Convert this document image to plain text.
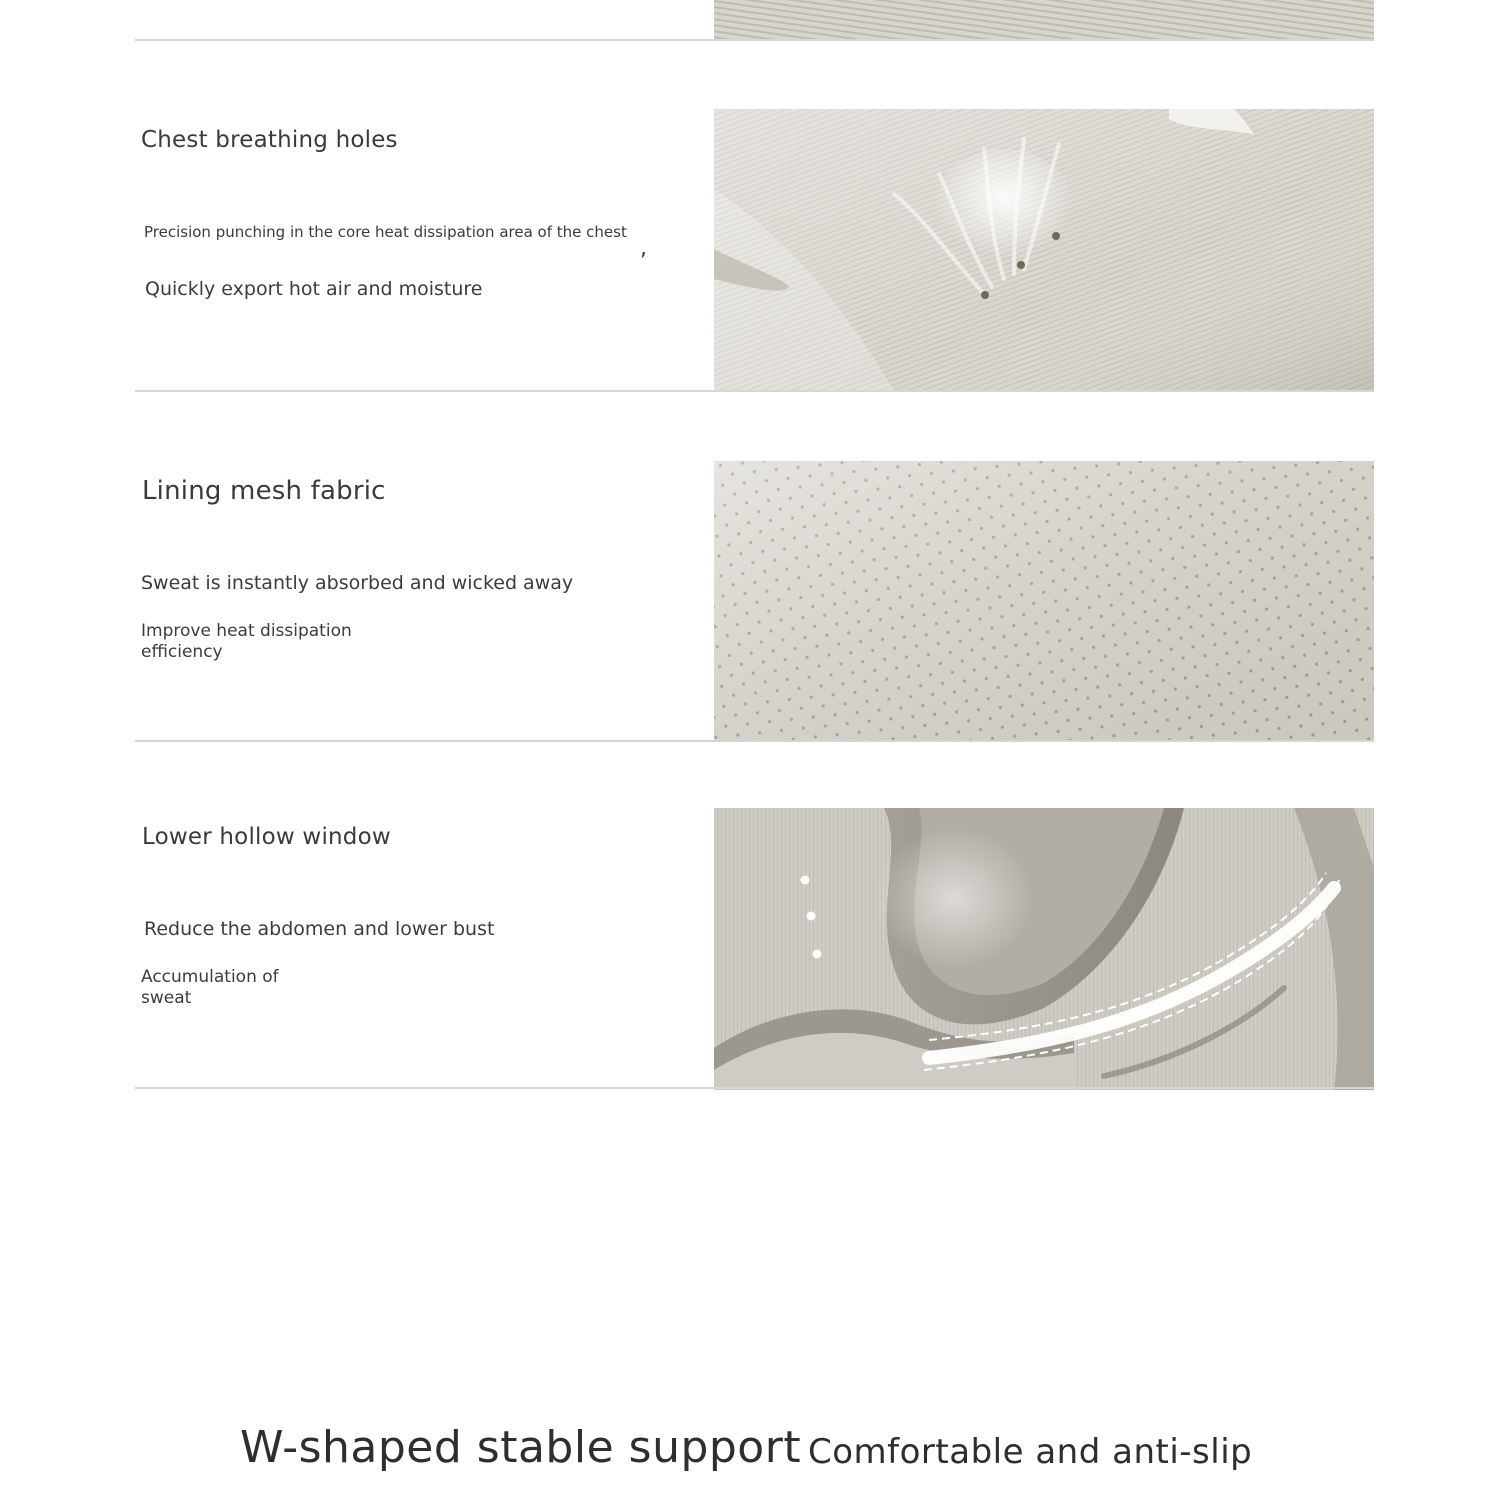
Chest breathing holes
Precision punching in the core heat dissipation area of the chest
,
Quickly export hot air and moisture
Lining mesh fabric
Sweat is instantly absorbed and wicked away
Improve heat dissipation efficiency
Lower hollow window
Reduce the abdomen and lower bust
Accumulation of sweat
W-shaped stable support Comfortable and anti-slip
